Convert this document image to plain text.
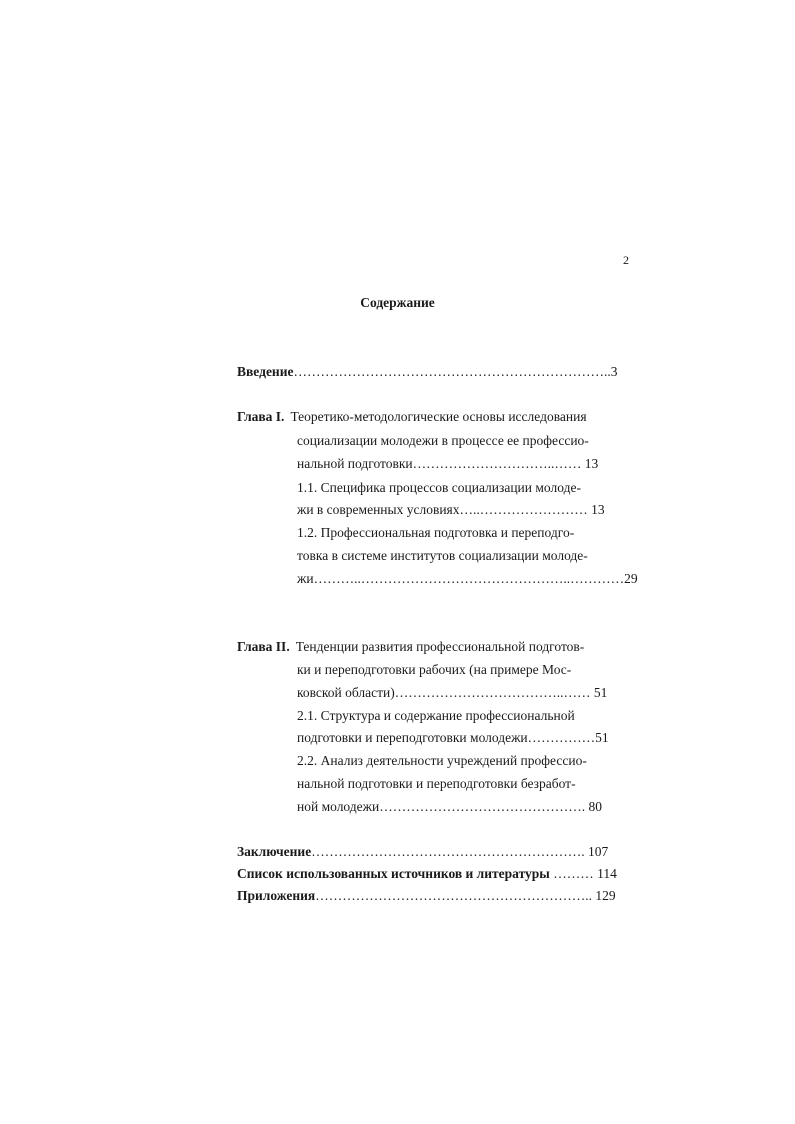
2
Содержание
Введение……………………………………………………………..3
Глава I. Теоретико-методологические основы исследования
социализации молодежи в процессе ее профессио-
нальной подготовки…………………………..…… 13
1.1. Специфика процессов социализации молоде-
жи в современных условиях…..…………………… 13
1.2. Профессиональная подготовка и переподго-
товка в системе институтов социализации молоде-
жи………..………………………………………..…………29
Глава II. Тенденции развития профессиональной подготов-
ки и переподготовки рабочих (на примере Мос-
ковской области)………………………………..…… 51
2.1. Структура и содержание профессиональной
подготовки и переподготовки молодежи……………51
2.2. Анализ деятельности учреждений профессио-
нальной подготовки и переподготовки безработ-
ной молодежи………………………………………. 80
Заключение……………………………………………………. 107
Список использованных источников и литературы ……… 114
Приложения…………………………………………………….. 129
